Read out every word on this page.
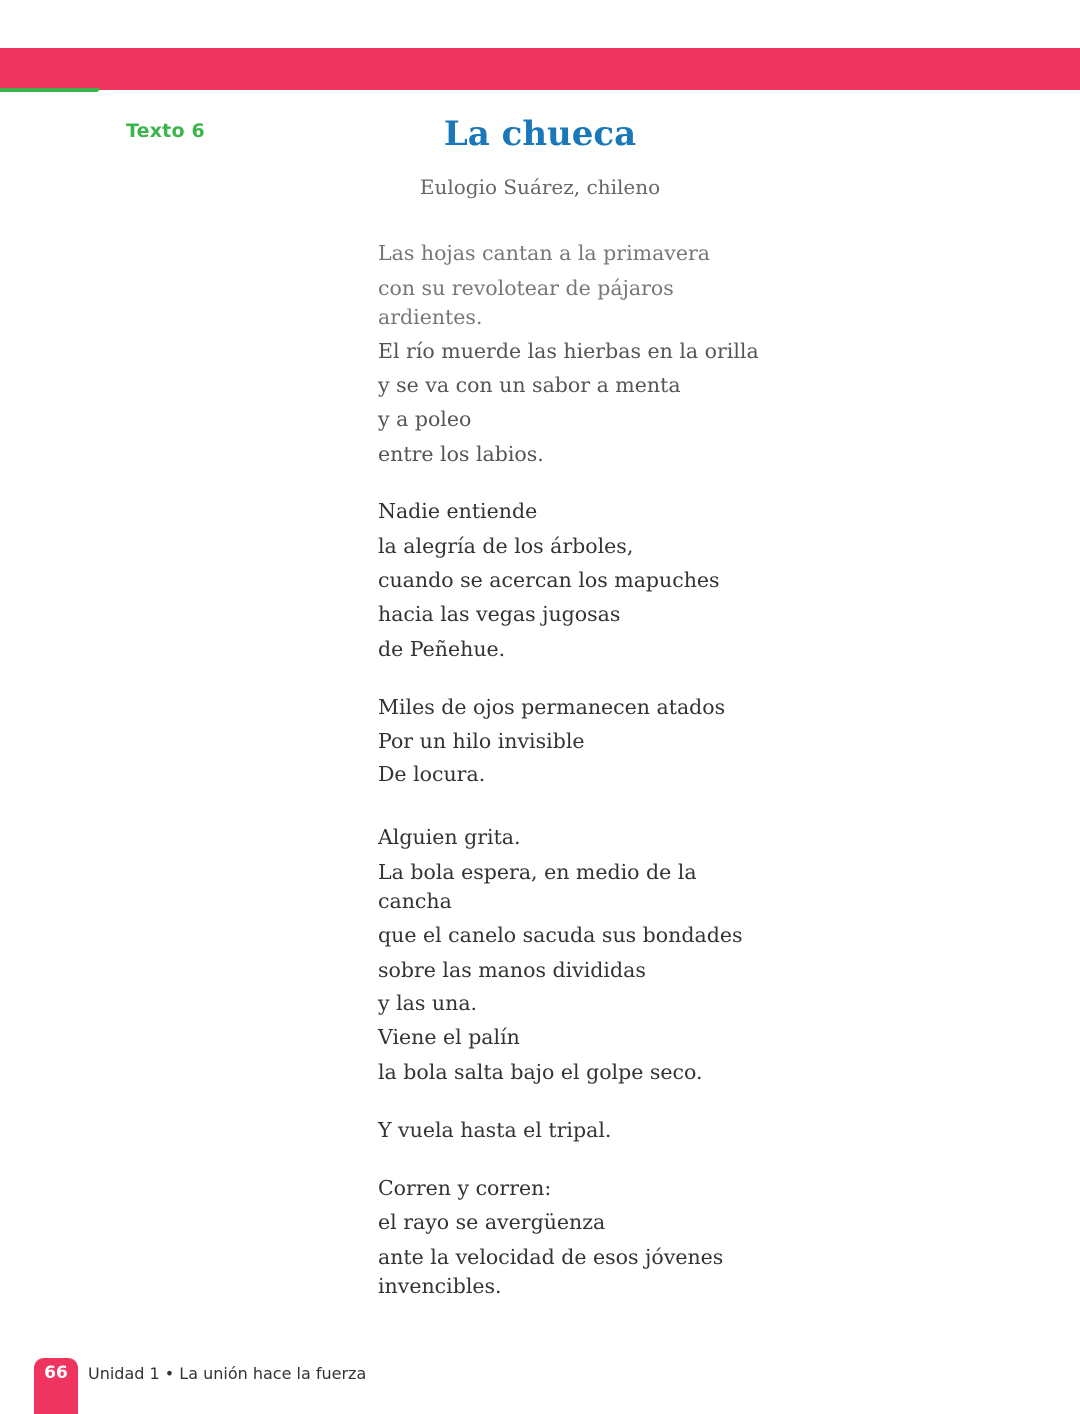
Texto 6	La chueca
Eulogio Suárez, chileno
Las hojas cantan a la primavera
con su revolotear de pájaros
ardientes.
El río muerde las hierbas en la orilla
y se va con un sabor a menta
y a poleo
entre los labios.
Nadie entiende
la alegría de los árboles,
cuando se acercan los mapuches
hacia las vegas jugosas
de Peñehue.
Miles de ojos permanecen atados
Por un hilo invisible
De locura.
Alguien grita.
La bola espera, en medio de la
cancha
que el canelo sacuda sus bondades
sobre las manos divididas
y las una.
Viene el palín
la bola salta bajo el golpe seco.
Y vuela hasta el tripal.
Corren y corren:
el rayo se avergüenza
ante la velocidad de esos jóvenes
invencibles.
66	Unidad 1 • La unión hace la fuerza
